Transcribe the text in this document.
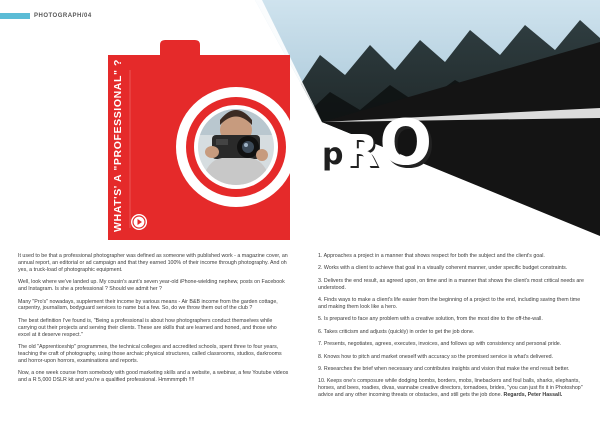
PHOTOGRAPH/04
WHAT'S' A "PROFESSIONAL" ?	p R O

It used to be that a professional photographer was defined as someone with published work - a magazine cover, an annual report, an editorial or ad campaign and that they earned 100% of their income through photography. And oh yes, a truck-load of photographic equipment.

Well, look where we've landed up. My cousin's aunt's seven year-old iPhone-wielding nephew, posts on Facebook and Instagram. Is she a professional ? Should we admit her ?

Many "Pro's" nowadays, supplement their income by various means - Air B&B income from the garden cottage, carpentry, journalism, bodyguard services to name but a few. So, do we throw them out of the club ?

The best definition I've found is, "Being a professional is about how photographers conduct themselves while carrying out their projects and serving their clients. These are skills that are learned and honed, and those who excel at it deserve respect."

The old "Apprenticeship" programmes, the technical colleges and accredited schools, spent three to four years, teaching the craft of photography, using those archaic physical structures, called classrooms, studios, darkrooms and horror-upon horrors, examinations and reports.

Now, a one week course from somebody with good marketing skills and a website, a webinar, a few Youtube videos and a R 5,000 DSLR kit and you're a qualified professional. Hmmmmpth !!!!

1. Approaches a project in a manner that shows respect for both the subject and the client's goal.

2. Works with a client to achieve that goal in a visually coherent manner, under specific budget constraints.

3. Delivers the end result, as agreed upon, on time and in a manner that shows the client's most critical needs are understood.

4. Finds ways to make a client's life easier from the beginning of a project to the end, including saving them time and making them look like a hero.

5. Is prepared to face any problem with a creative solution, from the most dire to the off-the-wall.

6. Takes criticism and adjusts (quickly) in order to get the job done.

7. Presents, negotiates, agrees, executes, invoices, and follows up with consistency and personal pride.

8. Knows how to pitch and market oneself with accuracy so the promised service is what's delivered.

9. Researches the brief when necessary and contributes insights and vision that make the end result better.

10. Keeps one's composure while dodging bombs, borders, mobs, linebackers and foul balls, sharks, elephants, horses, and bees, roadies, divas, wannabe creative directors, tornadoes, brides, "you can just fix it in Photoshop" advice and any other incoming threats or obstacles, and still gets the job done. Regards, Peter Hassall.
